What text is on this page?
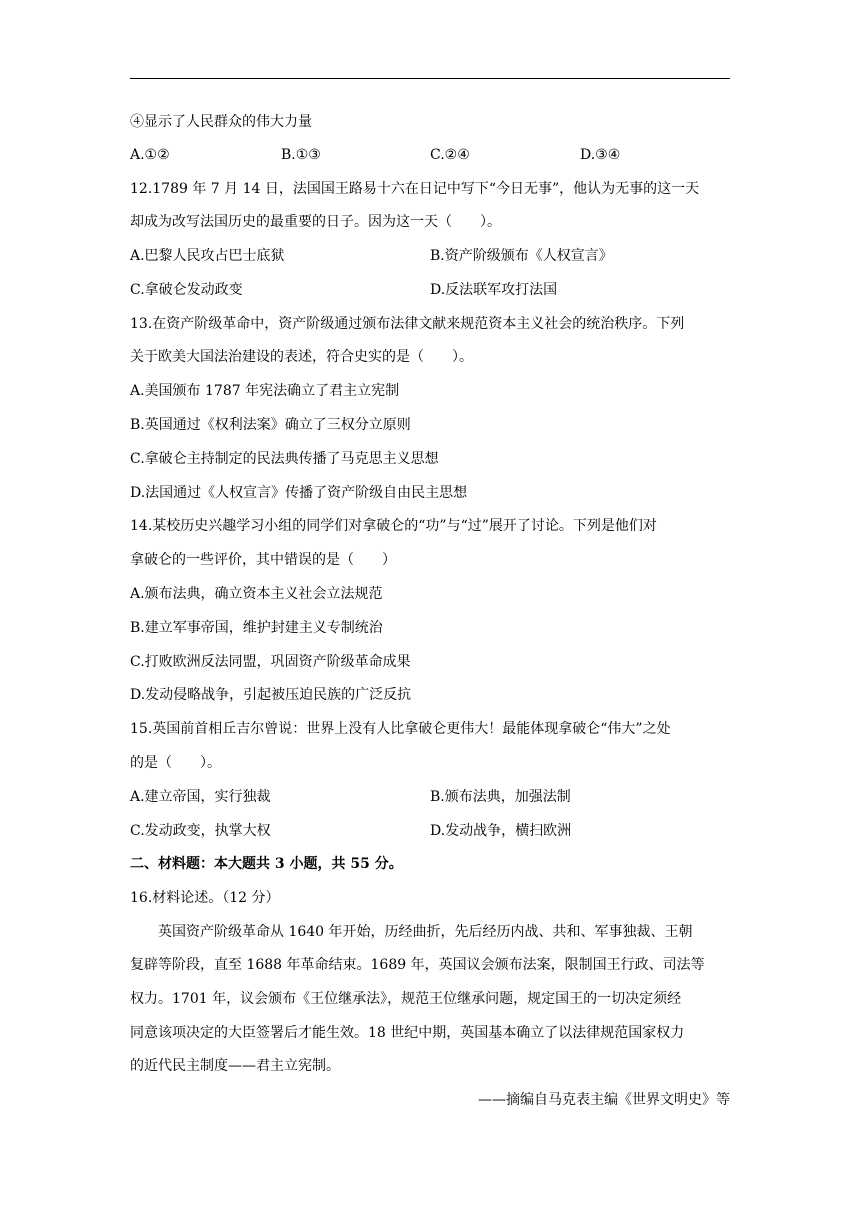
④显示了人民群众的伟大力量
A.①②	B.①③	C.②④	D.③④
12.1789 年 7 月 14 日，法国国王路易十六在日记中写下“今日无事”，他认为无事的这一天
却成为改写法国历史的最重要的日子。因为这一天（　　）。
A.巴黎人民攻占巴士底狱	B.资产阶级颁布《人权宣言》
C.拿破仑发动政变	D.反法联军攻打法国
13.在资产阶级革命中，资产阶级通过颁布法律文献来规范资本主义社会的统治秩序。下列
关于欧美大国法治建设的表述，符合史实的是（　　）。
A.美国颁布 1787 年宪法确立了君主立宪制
B.英国通过《权利法案》确立了三权分立原则
C.拿破仑主持制定的民法典传播了马克思主义思想
D.法国通过《人权宣言》传播了资产阶级自由民主思想
14.某校历史兴趣学习小组的同学们对拿破仑的“功”与“过”展开了讨论。下列是他们对
拿破仑的一些评价，其中错误的是（　　）
A.颁布法典，确立资本主义社会立法规范
B.建立军事帝国，维护封建主义专制统治
C.打败欧洲反法同盟，巩固资产阶级革命成果
D.发动侵略战争，引起被压迫民族的广泛反抗
15.英国前首相丘吉尔曾说：世界上没有人比拿破仑更伟大！最能体现拿破仑“伟大”之处
的是（　　）。
A.建立帝国，实行独裁	B.颁布法典，加强法制
C.发动政变，执掌大权	D.发动战争，横扫欧洲
二、材料题：本大题共 3 小题，共 55 分。
16.材料论述。（12 分）
英国资产阶级革命从 1640 年开始，历经曲折，先后经历内战、共和、军事独裁、王朝
复辟等阶段，直至 1688 年革命结束。1689 年，英国议会颁布法案，限制国王行政、司法等
权力。1701 年，议会颁布《王位继承法》，规范王位继承问题，规定国王的一切决定须经
同意该项决定的大臣签署后才能生效。18 世纪中期，英国基本确立了以法律规范国家权力
的近代民主制度——君主立宪制。
——摘编自马克表主编《世界文明史》等
